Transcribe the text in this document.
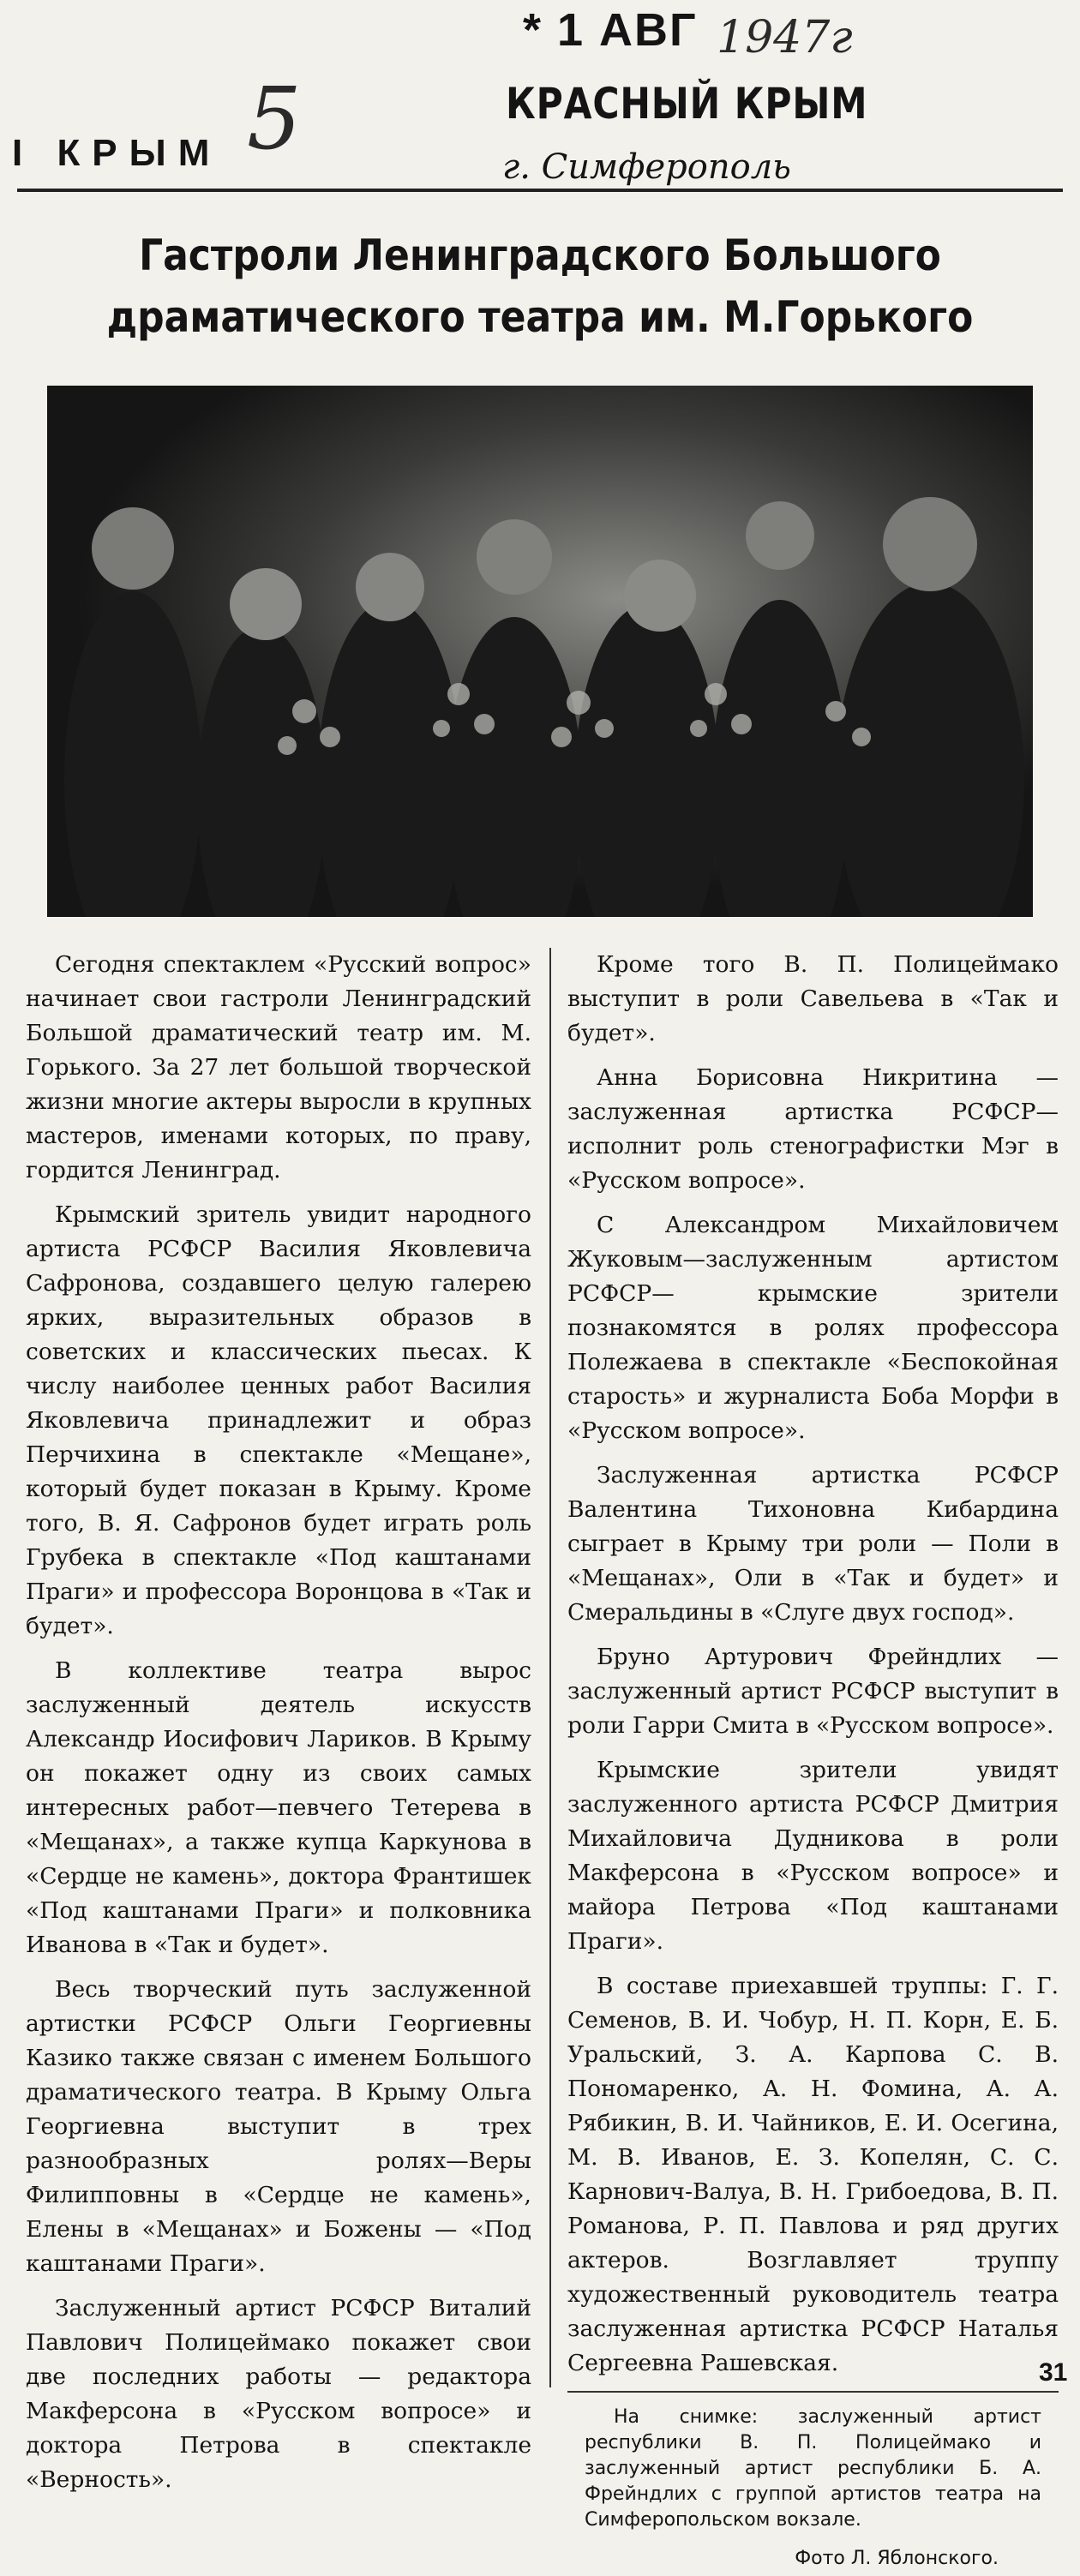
* 1 АВГ 1947г
КРАСНЫЙ КРЫМ
I КРЫМ 5	г. Симферополь
Гастроли Ленинградского Большого драматического театра им. М.Горького

Сегодня спектаклем «Русский вопрос» начинает свои гастроли Ленинградский Большой драматический театр им. М. Горького. За 27 лет большой творческой жизни многие актеры выросли в крупных мастеров, именами которых, по праву, гордится Ленинград.

Крымский зритель увидит народного артиста РСФСР Василия Яковлевича Сафронова, создавшего целую галерею ярких, выразительных образов в советских и классических пьесах. К числу наиболее ценных работ Василия Яковлевича принадлежит и образ Перчихина в спектакле «Мещане», который будет показан в Крыму. Кроме того, В. Я. Сафронов будет играть роль Грубека в спектакле «Под каштанами Праги» и профессора Воронцова в «Так и будет».

В коллективе театра вырос заслуженный деятель искусств Александр Иосифович Лариков. В Крыму он покажет одну из своих самых интересных работ—певчего Тетерева в «Мещанах», а также купца Каркунова в «Сердце не камень», доктора Франтишек «Под каштанами Праги» и полковника Иванова в «Так и будет».

Весь творческий путь заслуженной артистки РСФСР Ольги Георгиевны Казико также связан с именем Большого драматического театра. В Крыму Ольга Георгиевна выступит в трех разнообразных ролях—Веры Филипповны в «Сердце не камень», Елены в «Мещанах» и Божены — «Под каштанами Праги».

Заслуженный артист РСФСР Виталий Павлович Полицеймако покажет свои две последних работы — редактора Макферсона в «Русском вопросе» и доктора Петрова в спектакле «Верность».

Кроме того В. П. Полицеймако выступит в роли Савельева в «Так и будет».

Анна Борисовна Никритина — заслуженная артистка РСФСР—исполнит роль стенографистки Мэг в «Русском вопросе».

С Александром Михайловичем Жуковым—заслуженным артистом РСФСР— крымские зрители познакомятся в ролях профессора Полежаева в спектакле «Беспокойная старость» и журналиста Боба Морфи в «Русском вопросе».

Заслуженная артистка РСФСР Валентина Тихоновна Кибардина сыграет в Крыму три роли — Поли в «Мещанах», Оли в «Так и будет» и Смеральдины в «Слуге двух господ».

Бруно Артурович Фрейндлих — заслуженный артист РСФСР выступит в роли Гарри Смита в «Русском вопросе».

Крымские зрители увидят заслуженного артиста РСФСР Дмитрия Михайловича Дудникова в роли Макферсона в «Русском вопросе» и майора Петрова «Под каштанами Праги».

В составе приехавшей труппы: Г. Г. Семенов, В. И. Чобур, Н. П. Корн, Е. Б. Уральский, З. А. Карпова С. В. Пономаренко, А. Н. Фомина, А. А. Рябикин, В. И. Чайников, Е. И. Осегина, М. В. Иванов, Е. З. Копелян, С. С. Карнович-Валуа, В. Н. Грибоедова, В. П. Романова, Р. П. Павлова и ряд других актеров. Возглавляет труппу художественный руководитель театра заслуженная артистка РСФСР Наталья Сергеевна Рашевская.

На снимке: заслуженный артист республики В. П. Полицеймако и заслуженный артист республики Б. А. Фрейндлих с группой артистов театра на Симферопольском вокзале.
Фото Л. Яблонского.
31
